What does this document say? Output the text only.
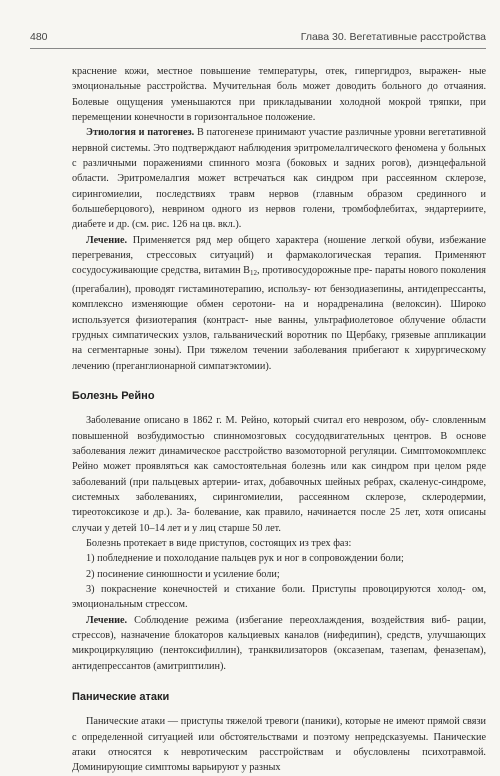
480	Глава 30. Вегетативные расстройства

краснение кожи, местное повышение температуры, отек, гипергидроз, выражен- ные эмоциональные расстройства. Мучительная боль может доводить больного до отчаяния. Болевые ощущения уменьшаются при прикладывании холодной мокрой тряпки, при перемещении конечности в горизонтальное положение.

Этиология и патогенез. В патогенезе принимают участие различные уровни вегетативной нервной системы. Это подтверждают наблюдения эритромелалгического феномена у больных с различными поражениями спинного мозга (боковых и задних рогов), диэнцефальной области. Эритромелалгия может встречаться как синдром при рассеянном склерозе, сирингомиелии, последствиях травм нервов (главным образом срединного и большеберцового), неврином одного из нервов голени, тромбофлебитах, эндартериите, диабете и др. (см. рис. 126 на цв. вкл.).

Лечение. Применяется ряд мер общего характера (ношение легкой обуви, избежание перегревания, стрессовых ситуаций) и фармакологическая терапия. Применяют сосудосуживающие средства, витамин $B_{12}$, противосудорожные пре- параты нового поколения (прегабалин), проводят гистаминотерапию, использу- ют бензодиазепины, антидепрессанты, комплексно изменяющие обмен серотони- на и норадреналина (велоксин). Широко используется физиотерапия (контраст- ные ванны, ультрафиолетовое облучение области грудных симпатических узлов, гальванический воротник по Щербаку, грязевые аппликации на сегментарные зоны). При тяжелом течении заболевания прибегают к хирургическому лечению (преганглионарной симпатэктомии).

Болезнь Рейно

Заболевание описано в 1862 г. М. Рейно, который считал его неврозом, обу- словленным повышенной возбудимостью спинномозговых сосудодвигательных центров. В основе заболевания лежит динамическое расстройство вазомоторной регуляции. Симптомокомплекс Рейно может проявляться как самостоятельная болезнь или как синдром при целом ряде заболеваний (при пальцевых артерии- итах, добавочных шейных ребрах, скаленус-синдроме, системных заболеваниях, сирингомиелии, рассеянном склерозе, склеродермии, тиреотоксикозе и др.). За- болевание, как правило, начинается после 25 лет, хотя описаны случаи у детей 10–14 лет и у лиц старше 50 лет.

Болезнь протекает в виде приступов, состоящих из трех фаз:

1) побледнение и похолодание пальцев рук и ног в сопровождении боли;

2) посинение синюшности и усиление боли;

3) покраснение конечностей и стихание боли. Приступы провоцируются холод- ом, эмоциональным стрессом.

Лечение. Соблюдение режима (избегание переохлаждения, воздействия виб- рации, стрессов), назначение блокаторов кальциевых каналов (нифедипин), средств, улучшающих микроциркуляцию (пентоксифиллин), транквилизаторов (оксазепам, тазепам, феназепам), антидепрессантов (амитриптилин).

Панические атаки

Панические атаки — приступы тяжелой тревоги (паники), которые не имеют прямой связи с определенной ситуацией или обстоятельствами и поэтому непредсказуемы. Панические атаки относятся к невротическим расстройствам и обусловлены психотравмой. Доминирующие симптомы варьируют у разных
